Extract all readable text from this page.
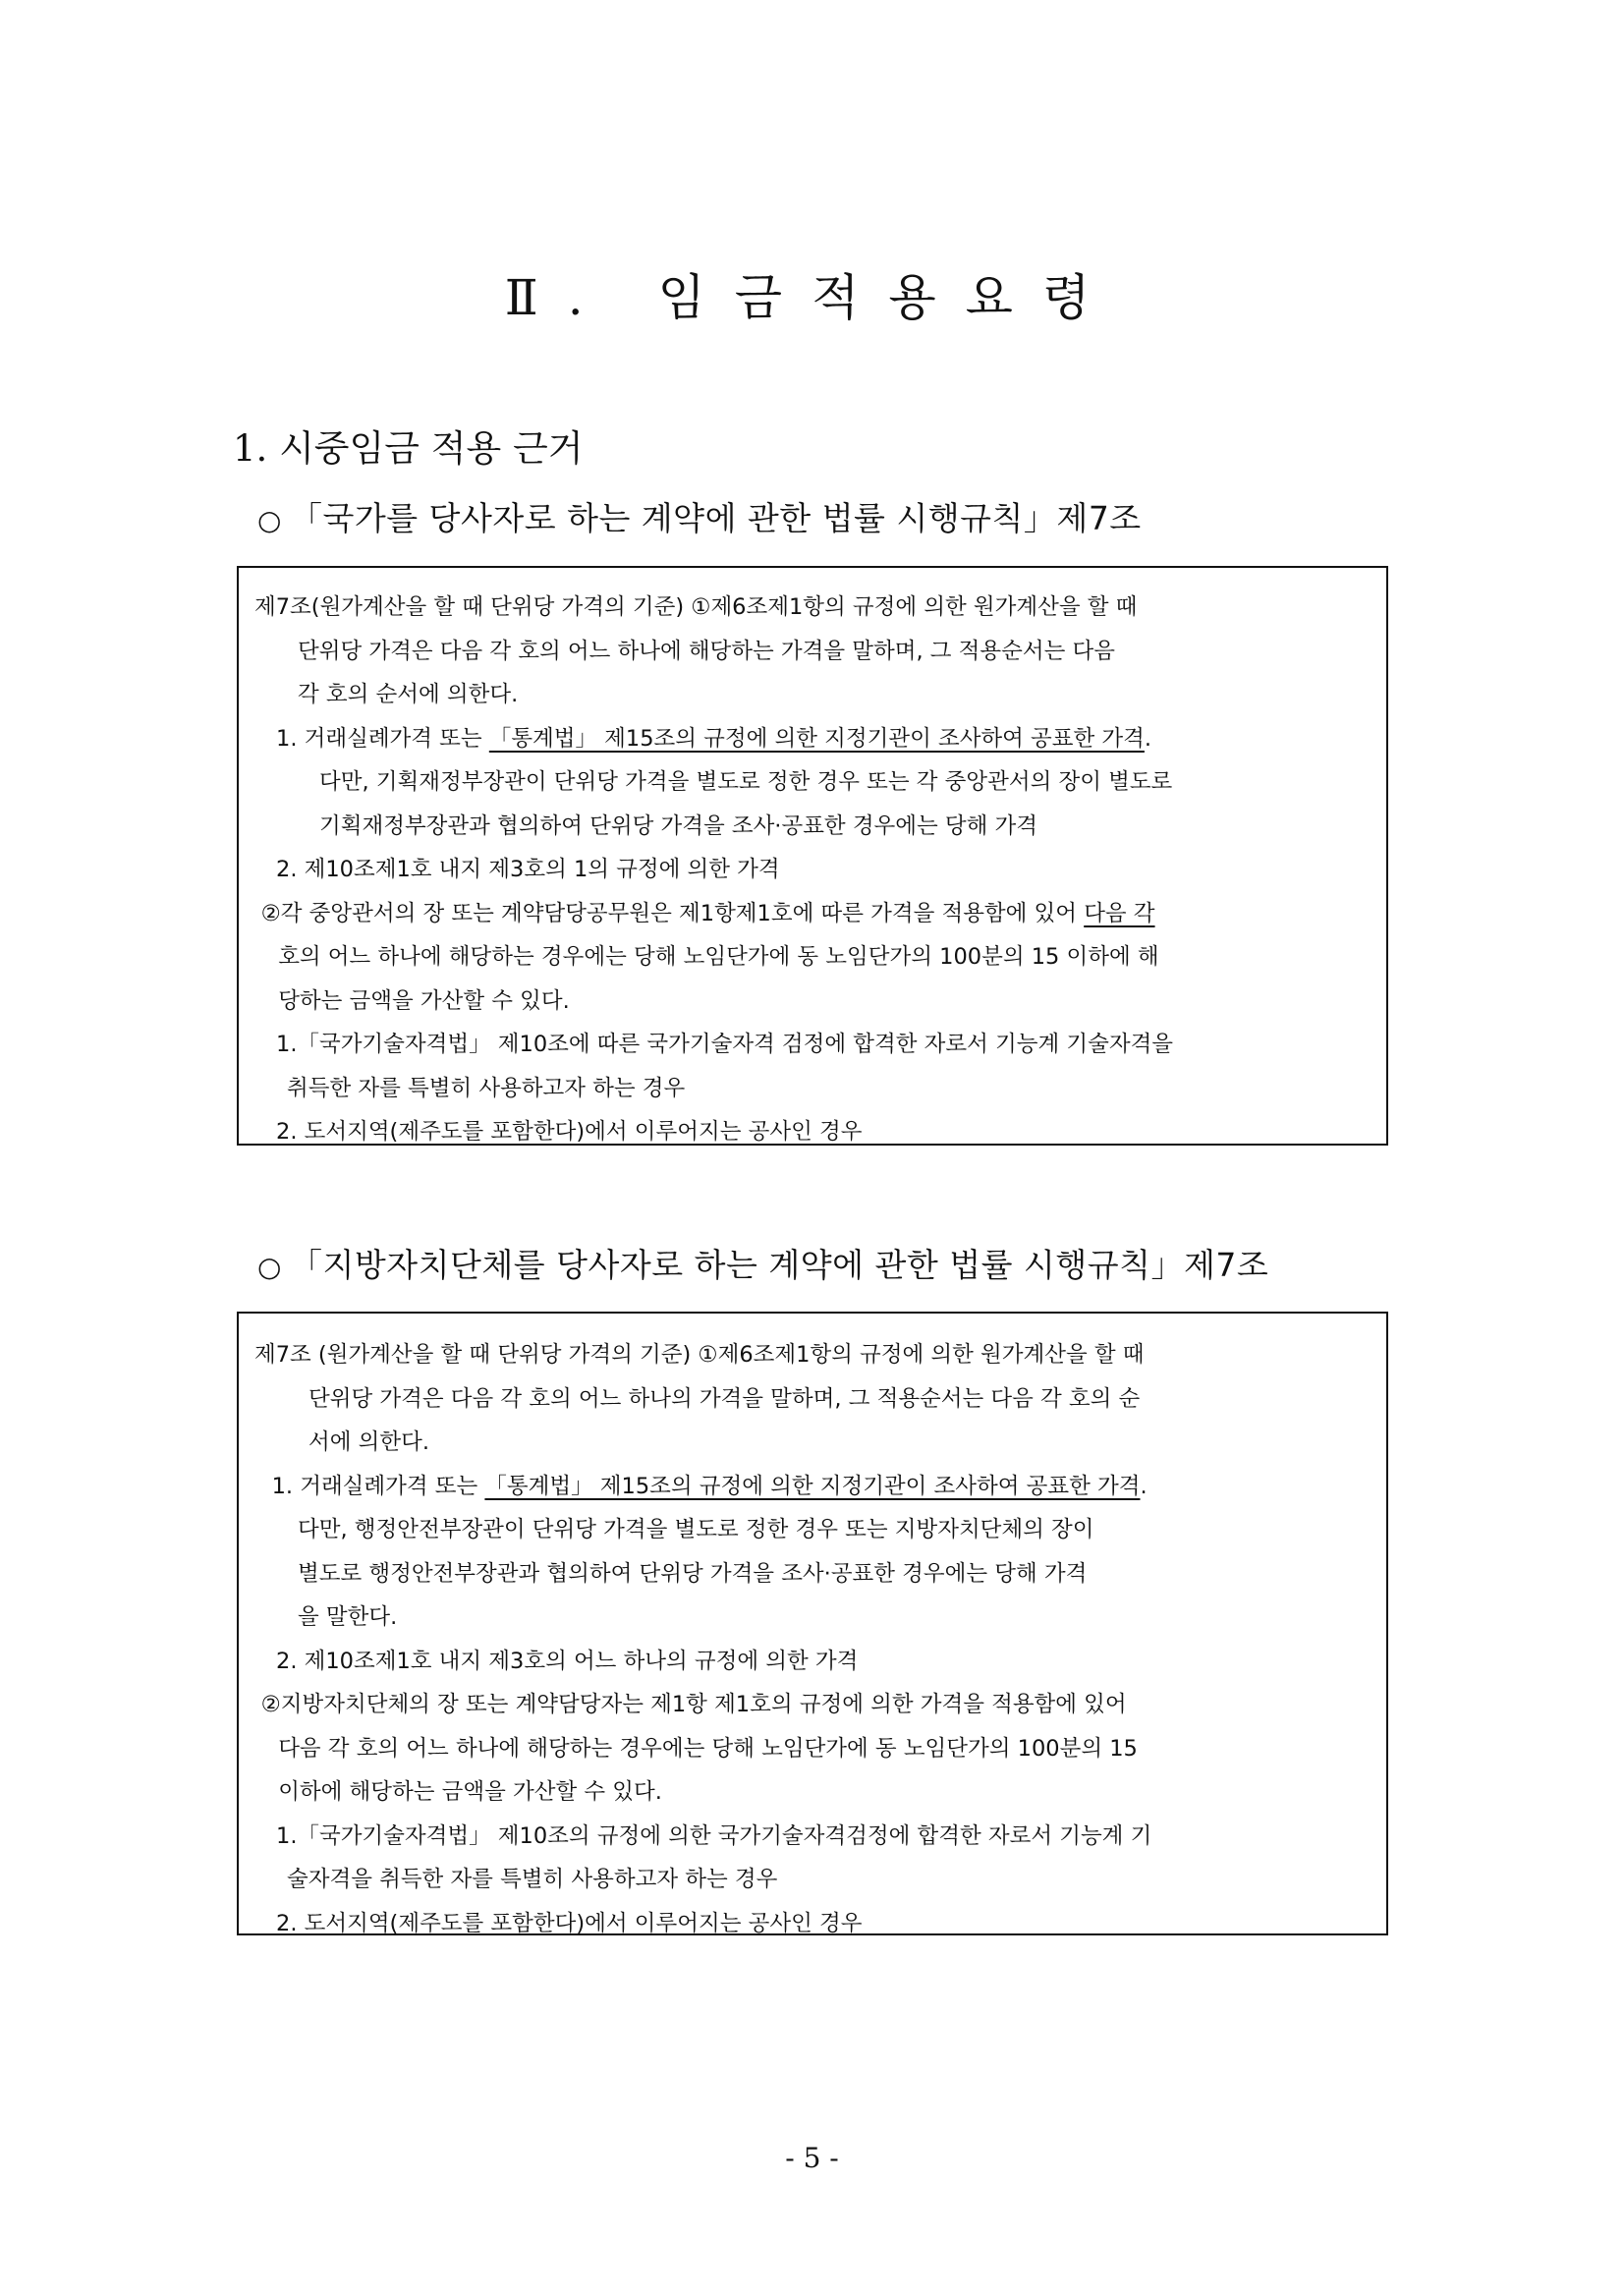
Ⅱ. 임금적용요령
1. 시중임금 적용 근거
○ 「국가를 당사자로 하는 계약에 관한 법률 시행규칙」제7조
제7조(원가계산을 할 때 단위당 가격의 기준) ①제6조제1항의 규정에 의한 원가계산을 할 때
단위당 가격은 다음 각 호의 어느 하나에 해당하는 가격을 말하며, 그 적용순서는 다음
각 호의 순서에 의한다.
1. 거래실례가격 또는 「통계법」 제15조의 규정에 의한 지정기관이 조사하여 공표한 가격.
다만, 기획재정부장관이 단위당 가격을 별도로 정한 경우 또는 각 중앙관서의 장이 별도로
기획재정부장관과 협의하여 단위당 가격을 조사·공표한 경우에는 당해 가격
2. 제10조제1호 내지 제3호의 1의 규정에 의한 가격
②각 중앙관서의 장 또는 계약담당공무원은 제1항제1호에 따른 가격을 적용함에 있어 다음 각
호의 어느 하나에 해당하는 경우에는 당해 노임단가에 동 노임단가의 100분의 15 이하에 해
당하는 금액을 가산할 수 있다.
1.「국가기술자격법」 제10조에 따른 국가기술자격 검정에 합격한 자로서 기능계 기술자격을
취득한 자를 특별히 사용하고자 하는 경우
2. 도서지역(제주도를 포함한다)에서 이루어지는 공사인 경우
○ 「지방자치단체를 당사자로 하는 계약에 관한 법률 시행규칙」제7조
제7조 (원가계산을 할 때 단위당 가격의 기준) ①제6조제1항의 규정에 의한 원가계산을 할 때
단위당 가격은 다음 각 호의 어느 하나의 가격을 말하며, 그 적용순서는 다음 각 호의 순
서에 의한다.
1. 거래실례가격 또는 「통계법」 제15조의 규정에 의한 지정기관이 조사하여 공표한 가격.
다만, 행정안전부장관이 단위당 가격을 별도로 정한 경우 또는 지방자치단체의 장이
별도로 행정안전부장관과 협의하여 단위당 가격을 조사·공표한 경우에는 당해 가격
을 말한다.
2. 제10조제1호 내지 제3호의 어느 하나의 규정에 의한 가격
②지방자치단체의 장 또는 계약담당자는 제1항 제1호의 규정에 의한 가격을 적용함에 있어
다음 각 호의 어느 하나에 해당하는 경우에는 당해 노임단가에 동 노임단가의 100분의 15
이하에 해당하는 금액을 가산할 수 있다.
1.「국가기술자격법」 제10조의 규정에 의한 국가기술자격검정에 합격한 자로서 기능계 기
술자격을 취득한 자를 특별히 사용하고자 하는 경우
2. 도서지역(제주도를 포함한다)에서 이루어지는 공사인 경우
- 5 -
